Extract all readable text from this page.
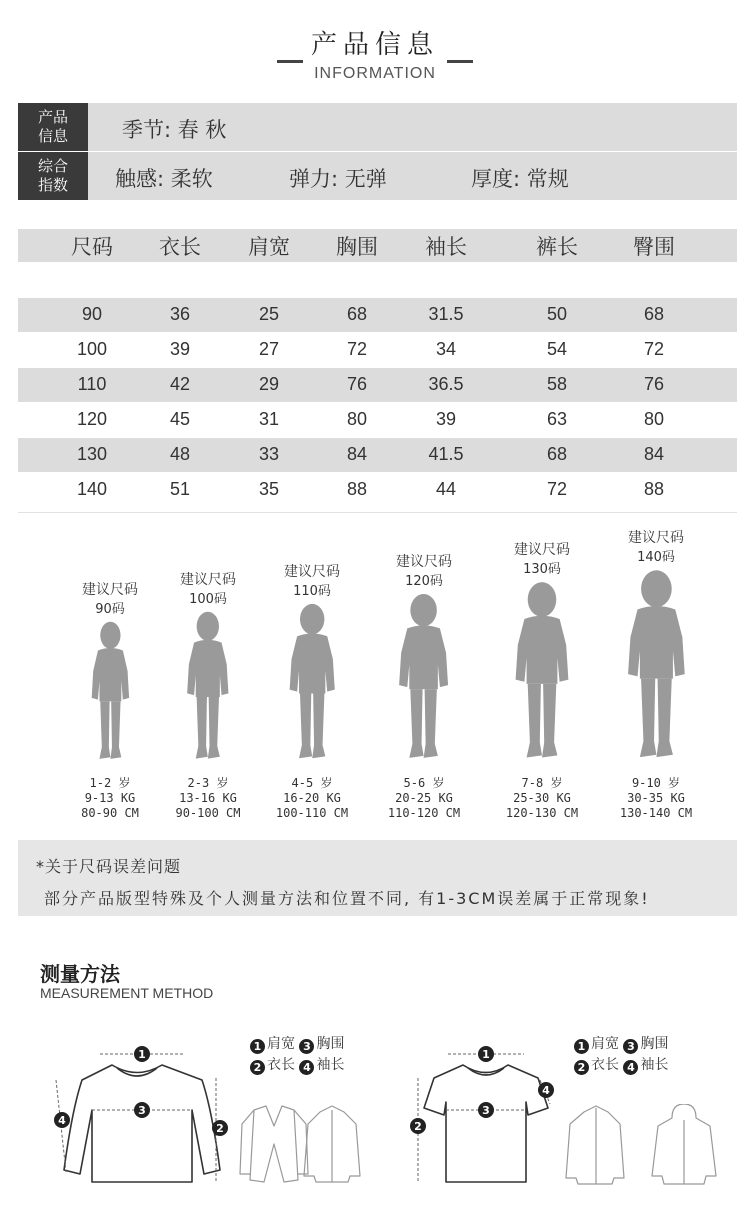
产品信息
INFORMATION
产品
信息	季节: 春 秋
综合
指数	触感: 柔软	弹力: 无弹	厚度: 常规
尺码	衣长	肩宽	胸围	袖长	裤长	臀围
90	36	25	68	31.5	50	68
100	39	27	72	34	54	72
110	42	29	76	36.5	58	76
120	45	31	80	39	63	80
130	48	33	84	41.5	68	84
140	51	35	88	44	72	88
建议尺码
90码
1-2 岁
9-13 KG
80-90 CM
建议尺码
100码
2-3 岁
13-16 KG
90-100 CM
建议尺码
110码
4-5 岁
16-20 KG
100-110 CM
建议尺码
120码
5-6 岁
20-25 KG
110-120 CM
建议尺码
130码
7-8 岁
25-30 KG
120-130 CM
建议尺码
140码
9-10 岁
30-35 KG
130-140 CM
*关于尺码误差问题
部分产品版型特殊及个人测量方法和位置不同, 有1-3CM误差属于正常现象!
测量方法
MEASUREMENT METHOD
1 肩宽 3 胸围
2 衣长 4 袖长
1 肩宽 3 胸围
2 衣长 4 袖长
1
3
2
4
1
3
2
4
